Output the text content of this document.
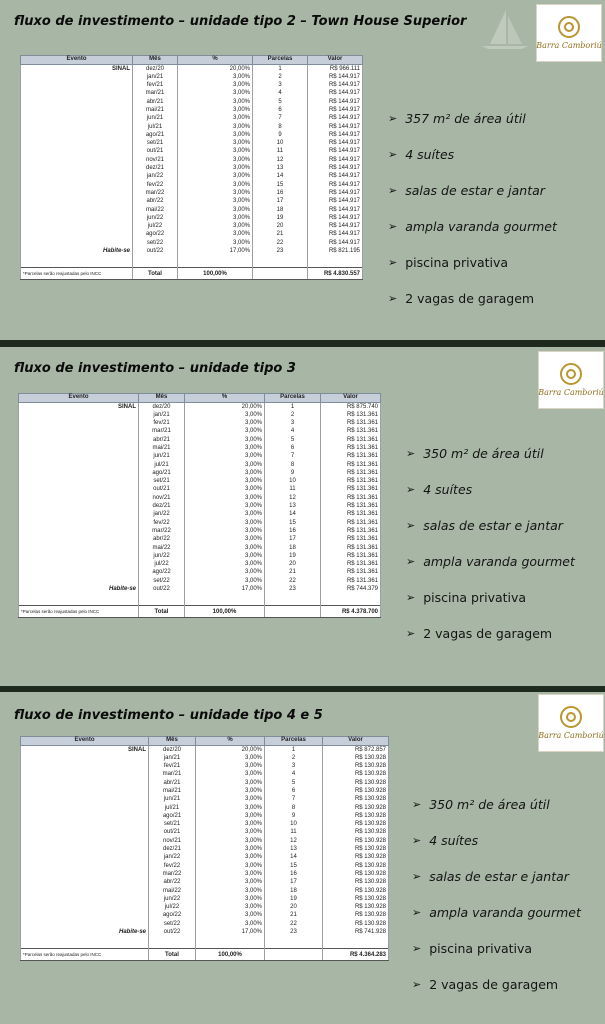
fluxo de investimento – unidade tipo 2 – Town House Superior
Barra Camboriú
Evento	Mês	%	Parcelas	Valor
SINAL	dez/20	20,00%	1	R$ 966.111
	jan/21	3,00%	2	R$ 144.917
	fev/21	3,00%	3	R$ 144.917
	mar/21	3,00%	4	R$ 144.917
	abr/21	3,00%	5	R$ 144.917
	mai/21	3,00%	6	R$ 144.917
	jun/21	3,00%	7	R$ 144.917
	jul/21	3,00%	8	R$ 144.917
	ago/21	3,00%	9	R$ 144.917
	set/21	3,00%	10	R$ 144.917
	out/21	3,00%	11	R$ 144.917
	nov/21	3,00%	12	R$ 144.917
	dez/21	3,00%	13	R$ 144.917
	jan/22	3,00%	14	R$ 144.917
	fev/22	3,00%	15	R$ 144.917
	mar/22	3,00%	16	R$ 144.917
	abr/22	3,00%	17	R$ 144.917
	mai/22	3,00%	18	R$ 144.917
	jun/22	3,00%	19	R$ 144.917
	jul/22	3,00%	20	R$ 144.917
	ago/22	3,00%	21	R$ 144.917
	set/22	3,00%	22	R$ 144.917
Habite-se	out/22	17,00%	23	R$ 821.195

*Parcelas serão reajustadas pelo INCC	Total	100,00%		R$ 4.830.557
➢ 357 m² de área útil
➢ 4 suítes
➢ salas de estar e jantar
➢ ampla varanda gourmet
➢ piscina privativa
➢ 2 vagas de garagem
fluxo de investimento – unidade tipo 3
Barra Camboriú
Evento	Mês	%	Parcelas	Valor
SINAL	dez/20	20,00%	1	R$ 875.740
	jan/21	3,00%	2	R$ 131.361
	fev/21	3,00%	3	R$ 131.361
	mar/21	3,00%	4	R$ 131.361
	abr/21	3,00%	5	R$ 131.361
	mai/21	3,00%	6	R$ 131.361
	jun/21	3,00%	7	R$ 131.361
	jul/21	3,00%	8	R$ 131.361
	ago/21	3,00%	9	R$ 131.361
	set/21	3,00%	10	R$ 131.361
	out/21	3,00%	11	R$ 131.361
	nov/21	3,00%	12	R$ 131.361
	dez/21	3,00%	13	R$ 131.361
	jan/22	3,00%	14	R$ 131.361
	fev/22	3,00%	15	R$ 131.361
	mar/22	3,00%	16	R$ 131.361
	abr/22	3,00%	17	R$ 131.361
	mai/22	3,00%	18	R$ 131.361
	jun/22	3,00%	19	R$ 131.361
	jul/22	3,00%	20	R$ 131.361
	ago/22	3,00%	21	R$ 131.361
	set/22	3,00%	22	R$ 131.361
Habite-se	out/22	17,00%	23	R$ 744.379

*Parcelas serão reajustadas pelo INCC	Total	100,00%		R$ 4.378.700
➢ 350 m² de área útil
➢ 4 suítes
➢ salas de estar e jantar
➢ ampla varanda gourmet
➢ piscina privativa
➢ 2 vagas de garagem
fluxo de investimento – unidade tipo 4 e 5
Barra Camboriú
Evento	Mês	%	Parcelas	Valor
SINAL	dez/20	20,00%	1	R$ 872.857
	jan/21	3,00%	2	R$ 130.928
	fev/21	3,00%	3	R$ 130.928
	mar/21	3,00%	4	R$ 130.928
	abr/21	3,00%	5	R$ 130.928
	mai/21	3,00%	6	R$ 130.928
	jun/21	3,00%	7	R$ 130.928
	jul/21	3,00%	8	R$ 130.928
	ago/21	3,00%	9	R$ 130.928
	set/21	3,00%	10	R$ 130.928
	out/21	3,00%	11	R$ 130.928
	nov/21	3,00%	12	R$ 130.928
	dez/21	3,00%	13	R$ 130.928
	jan/22	3,00%	14	R$ 130.928
	fev/22	3,00%	15	R$ 130.928
	mar/22	3,00%	16	R$ 130.928
	abr/22	3,00%	17	R$ 130.928
	mai/22	3,00%	18	R$ 130.928
	jun/22	3,00%	19	R$ 130.928
	jul/22	3,00%	20	R$ 130.928
	ago/22	3,00%	21	R$ 130.928
	set/22	3,00%	22	R$ 130.928
Habite-se	out/22	17,00%	23	R$ 741.928

*Parcelas serão reajustadas pelo INCC	Total	100,00%		R$ 4.364.283
➢ 350 m² de área útil
➢ 4 suítes
➢ salas de estar e jantar
➢ ampla varanda gourmet
➢ piscina privativa
➢ 2 vagas de garagem
